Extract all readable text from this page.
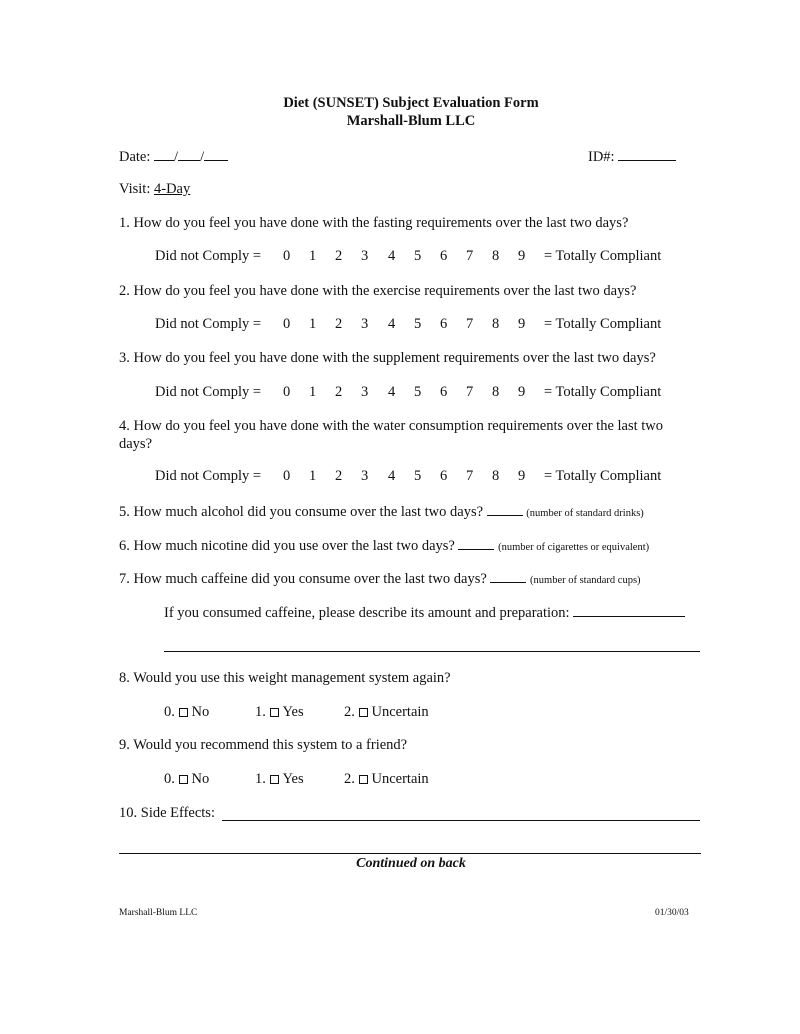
Diet (SUNSET) Subject Evaluation Form
Marshall-Blum LLC
Date: / /	ID#:
Visit: 4-Day
1. How do you feel you have done with the fasting requirements over the last two days?
Did not Comply = 0 1 2 3 4 5 6 7 8 9 = Totally Compliant
2. How do you feel you have done with the exercise requirements over the last two days?
Did not Comply = 0 1 2 3 4 5 6 7 8 9 = Totally Compliant
3. How do you feel you have done with the supplement requirements over the last two days?
Did not Comply = 0 1 2 3 4 5 6 7 8 9 = Totally Compliant
4. How do you feel you have done with the water consumption requirements over the last two
days?
Did not Comply = 0 1 2 3 4 5 6 7 8 9 = Totally Compliant
5. How much alcohol did you consume over the last two days?	(number of standard drinks)
6. How much nicotine did you use over the last two days?	(number of cigarettes or equivalent)
7. How much caffeine did you consume over the last two days?	(number of standard cups)
If you consumed caffeine, please describe its amount and preparation:
8. Would you use this weight management system again?
0. No	1. Yes	2. Uncertain
9. Would you recommend this system to a friend?
0. No	1. Yes	2. Uncertain
10. Side Effects:
Continued on back
Marshall-Blum LLC	01/30/03
